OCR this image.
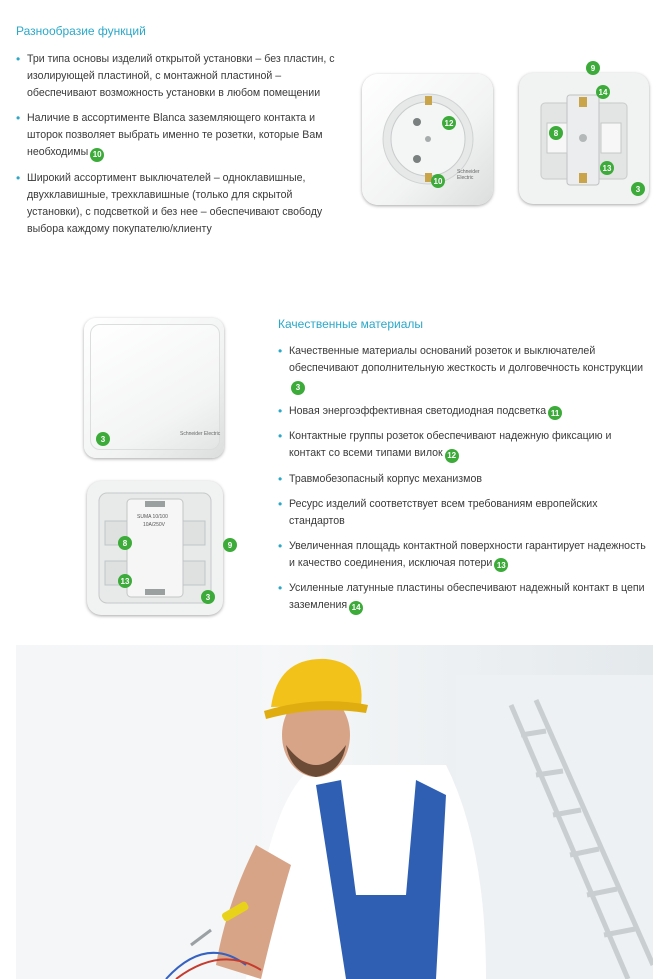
Разнообразие функций
• Три типа основы изделий открытой установки – без пластин, с изолирующей пластиной, с монтажной пластиной – обеспечивают возможность установки в любом помещении
• Наличие в ассортименте Blanca заземляющего контакта и шторок позволяет выбрать именно те розетки, которые Вам необходимы 10
• Широкий ассортимент выключателей – одноклавишные, двухклавишные, трехклавишные (только для скрытой установки), с подсветкой и без нее – обеспечивают свободу выбора каждому покупателю/клиенту
12
10
Schneider Electric
9
14
8
13
3
3
Schneider Electric
SUMA 10/100
10A/250V
8	9
13
3
Качественные материалы
• Качественные материалы оснований розеток и выключателей обеспечивают дополнительную жесткость и долговечность конструкции3
• Новая энергоэффективная светодиодная подсветка 11
• Контактные группы розеток обеспечивают надежную фиксацию и контакт со всеми типами вилок 12
• Травмобезопасный корпус механизмов
• Ресурс изделий соответствует всем требованиям европейских стандартов
• Увеличенная площадь контактной поверхности гарантирует надежность и качество соединения, исключая потери 13
• Усиленные латунные пластины обеспечивают надежный контакт в цепи заземления 14
